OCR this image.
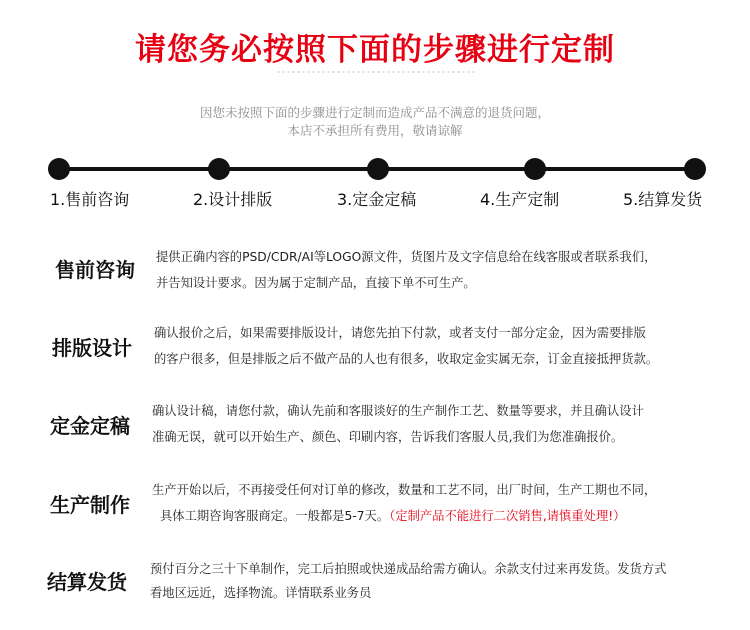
请您务必按照下面的步骤进行定制
因您未按照下面的步骤进行定制而造成产品不满意的退货问题，
本店不承担所有费用，敬请谅解
1.售前咨询	2.设计排版	3.定金定稿	4.生产定制	5.结算发货
售前咨询
提供正确内容的PSD/CDR/AI等LOGO源文件，货图片及文字信息给在线客服或者联系我们，
并告知设计要求。因为属于定制产品，直接下单不可生产。
排版设计
确认报价之后，如果需要排版设计，请您先拍下付款，或者支付一部分定金，因为需要排版
的客户很多，但是排版之后不做产品的人也有很多，收取定金实属无奈，订金直接抵押货款。
定金定稿
确认设计稿，请您付款，确认先前和客服谈好的生产制作工艺、数量等要求，并且确认设计
准确无误，就可以开始生产、颜色、印刷内容，告诉我们客服人员,我们为您准确报价。
生产制作
生产开始以后，不再接受任何对订单的修改，数量和工艺不同，出厂时间，生产工期也不同，
具体工期咨询客服商定。一般都是5-7天。（定制产品不能进行二次销售,请慎重处理!）
结算发货
预付百分之三十下单制作，完工后拍照或快递成品给需方确认。余款支付过来再发货。发货方式
看地区远近，选择物流。详情联系业务员
